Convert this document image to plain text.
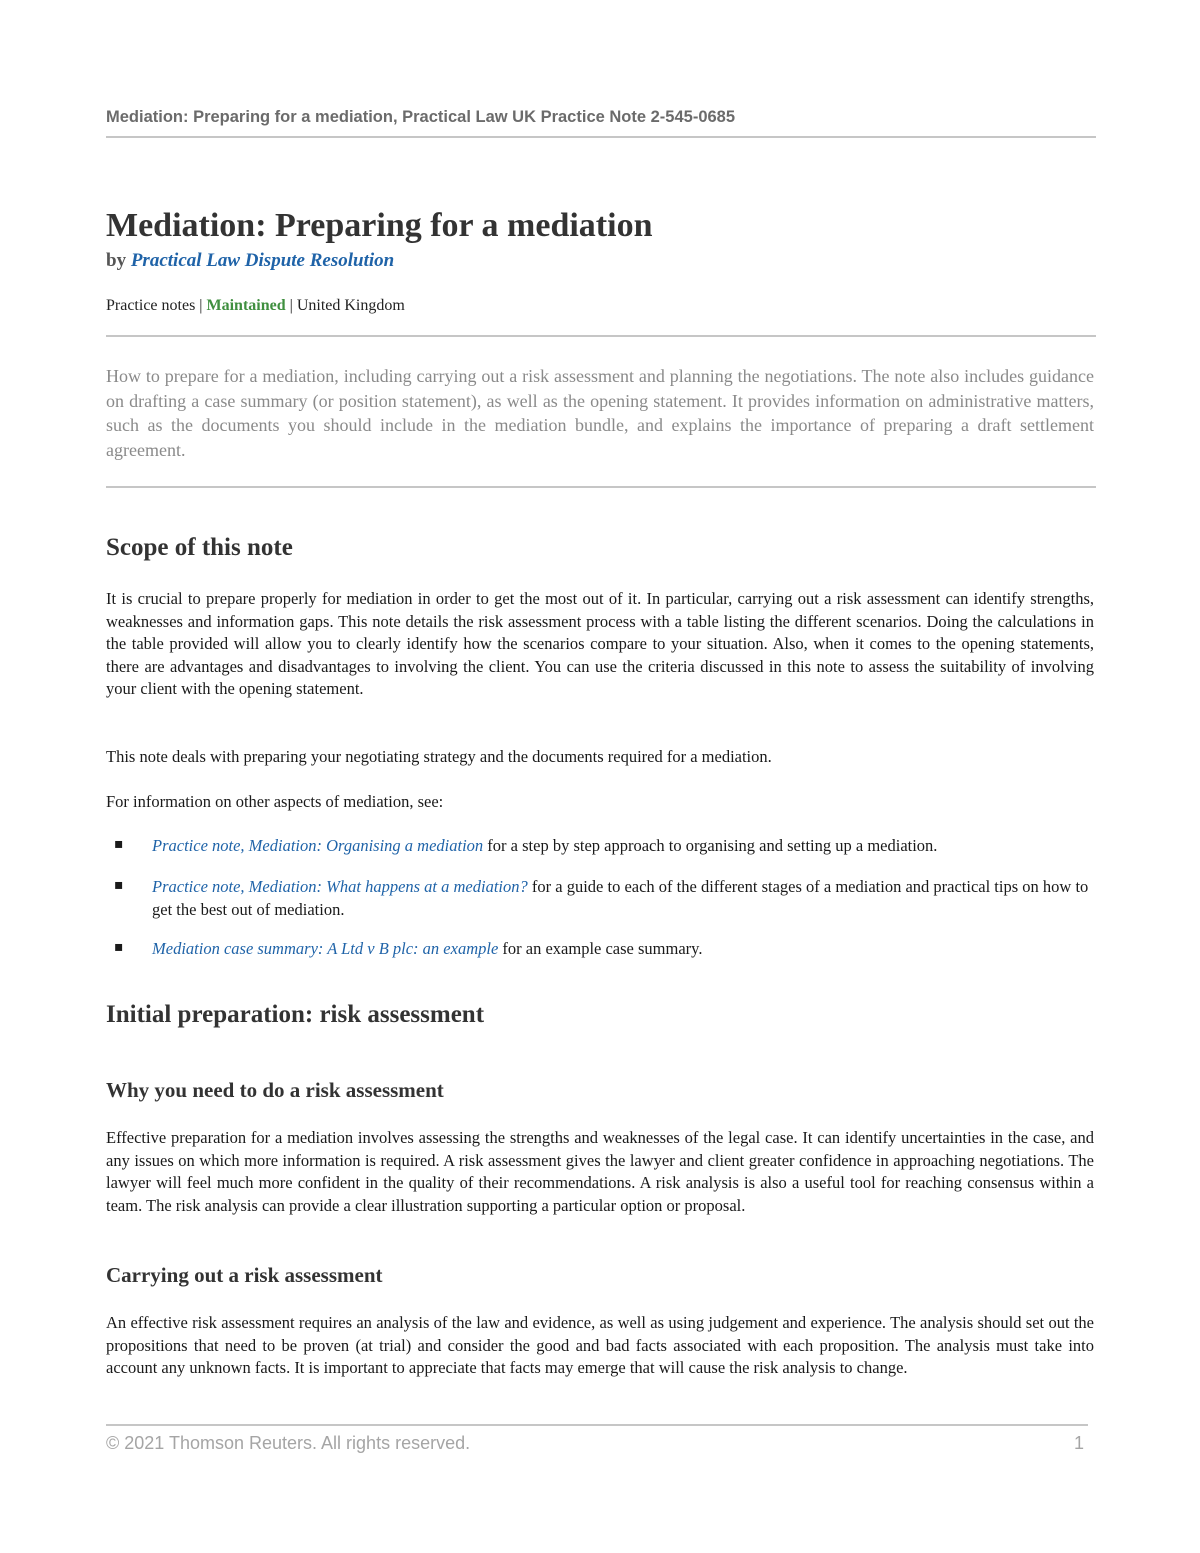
Mediation: Preparing for a mediation, Practical Law UK Practice Note 2-545-0685
Mediation: Preparing for a mediation
by Practical Law Dispute Resolution
Practice notes | Maintained | United Kingdom

How to prepare for a mediation, including carrying out a risk assessment and planning the negotiations. The note also includes guidance on drafting a case summary (or position statement), as well as the opening statement. It provides information on administrative matters, such as the documents you should include in the mediation bundle, and explains the importance of preparing a draft settlement agreement.

Scope of this note

It is crucial to prepare properly for mediation in order to get the most out of it. In particular, carrying out a risk assessment can identify strengths, weaknesses and information gaps. This note details the risk assessment process with a table listing the different scenarios. Doing the calculations in the table provided will allow you to clearly identify how the scenarios compare to your situation. Also, when it comes to the opening statements, there are advantages and disadvantages to involving the client. You can use the criteria discussed in this note to assess the suitability of involving your client with the opening statement.

This note deals with preparing your negotiating strategy and the documents required for a mediation.

For information on other aspects of mediation, see:

▪ Practice note, Mediation: Organising a mediation for a step by step approach to organising and setting up a mediation.
▪ Practice note, Mediation: What happens at a mediation? for a guide to each of the different stages of a mediation and practical tips on how to get the best out of mediation.
▪ Mediation case summary: A Ltd v B plc: an example for an example case summary.
Initial preparation: risk assessment
Why you need to do a risk assessment

Effective preparation for a mediation involves assessing the strengths and weaknesses of the legal case. It can identify uncertainties in the case, and any issues on which more information is required. A risk assessment gives the lawyer and client greater confidence in approaching negotiations. The lawyer will feel much more confident in the quality of their recommendations. A risk analysis is also a useful tool for reaching consensus within a team. The risk analysis can provide a clear illustration supporting a particular option or proposal.

Carrying out a risk assessment

An effective risk assessment requires an analysis of the law and evidence, as well as using judgement and experience. The analysis should set out the propositions that need to be proven (at trial) and consider the good and bad facts associated with each proposition. The analysis must take into account any unknown facts. It is important to appreciate that facts may emerge that will cause the risk analysis to change.

© 2021 Thomson Reuters. All rights reserved.	1
